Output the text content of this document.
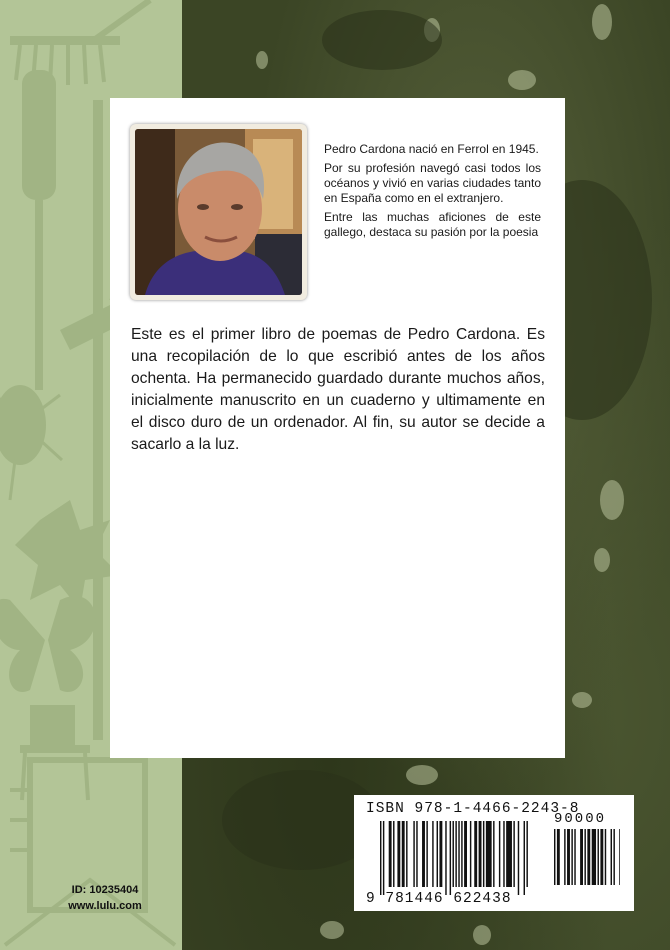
Pedro Cardona nació en Ferrol en 1945.

Por su profesión navegó casi todos los océanos y vivió en varias ciudades tanto en España como en el extranjero.

Entre las muchas aficiones de este gallego, destaca su pasión por la poesia

Este es el primer libro de poemas de Pedro Cardona. Es una recopilación de lo que escribió antes de los años ochenta. Ha permanecido guardado durante muchos años, inicialmente manuscrito en un cuaderno y ultimamente en el disco duro de un ordenador. Al fin, su autor se decide a sacarlo a la luz.

ISBN 978-1-4466-2243-8
90000
9 781446 622438
ID: 10235404
www.lulu.com
